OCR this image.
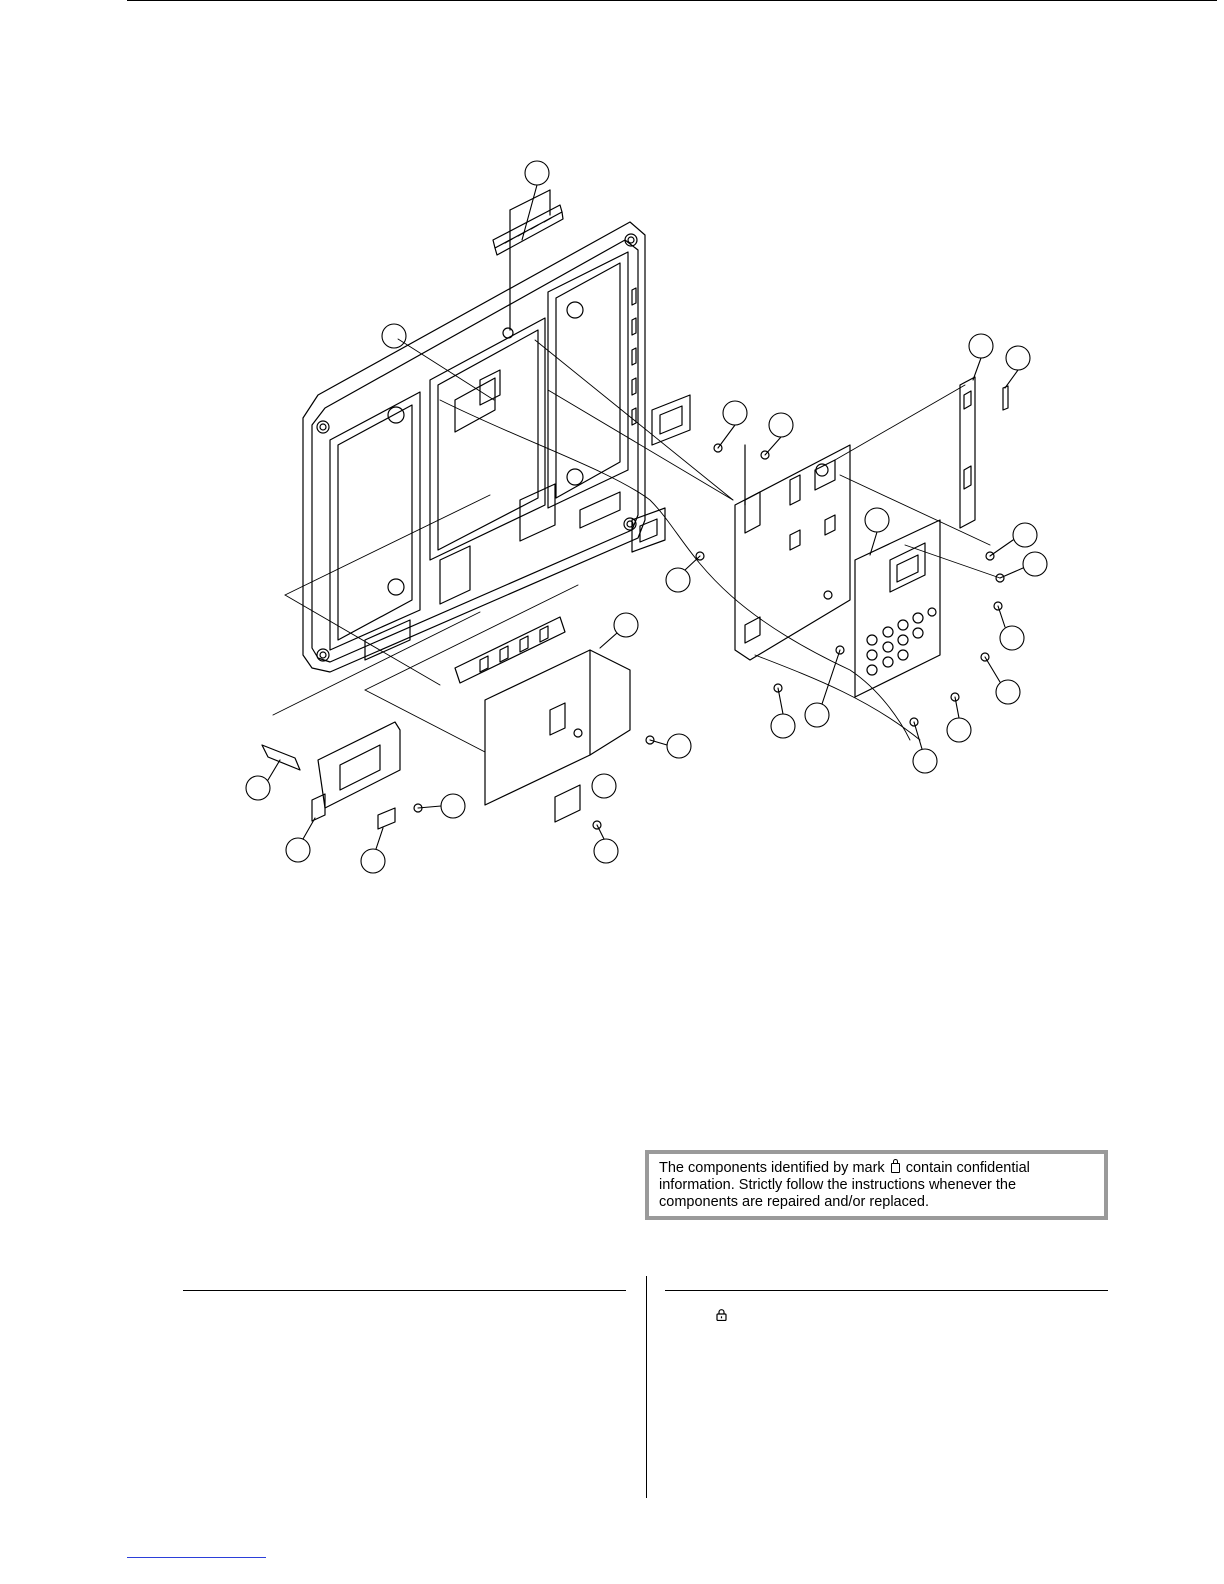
The components identified by mark contain confidential
information. Strictly follow the instructions whenever the
components are repaired and/or replaced.
